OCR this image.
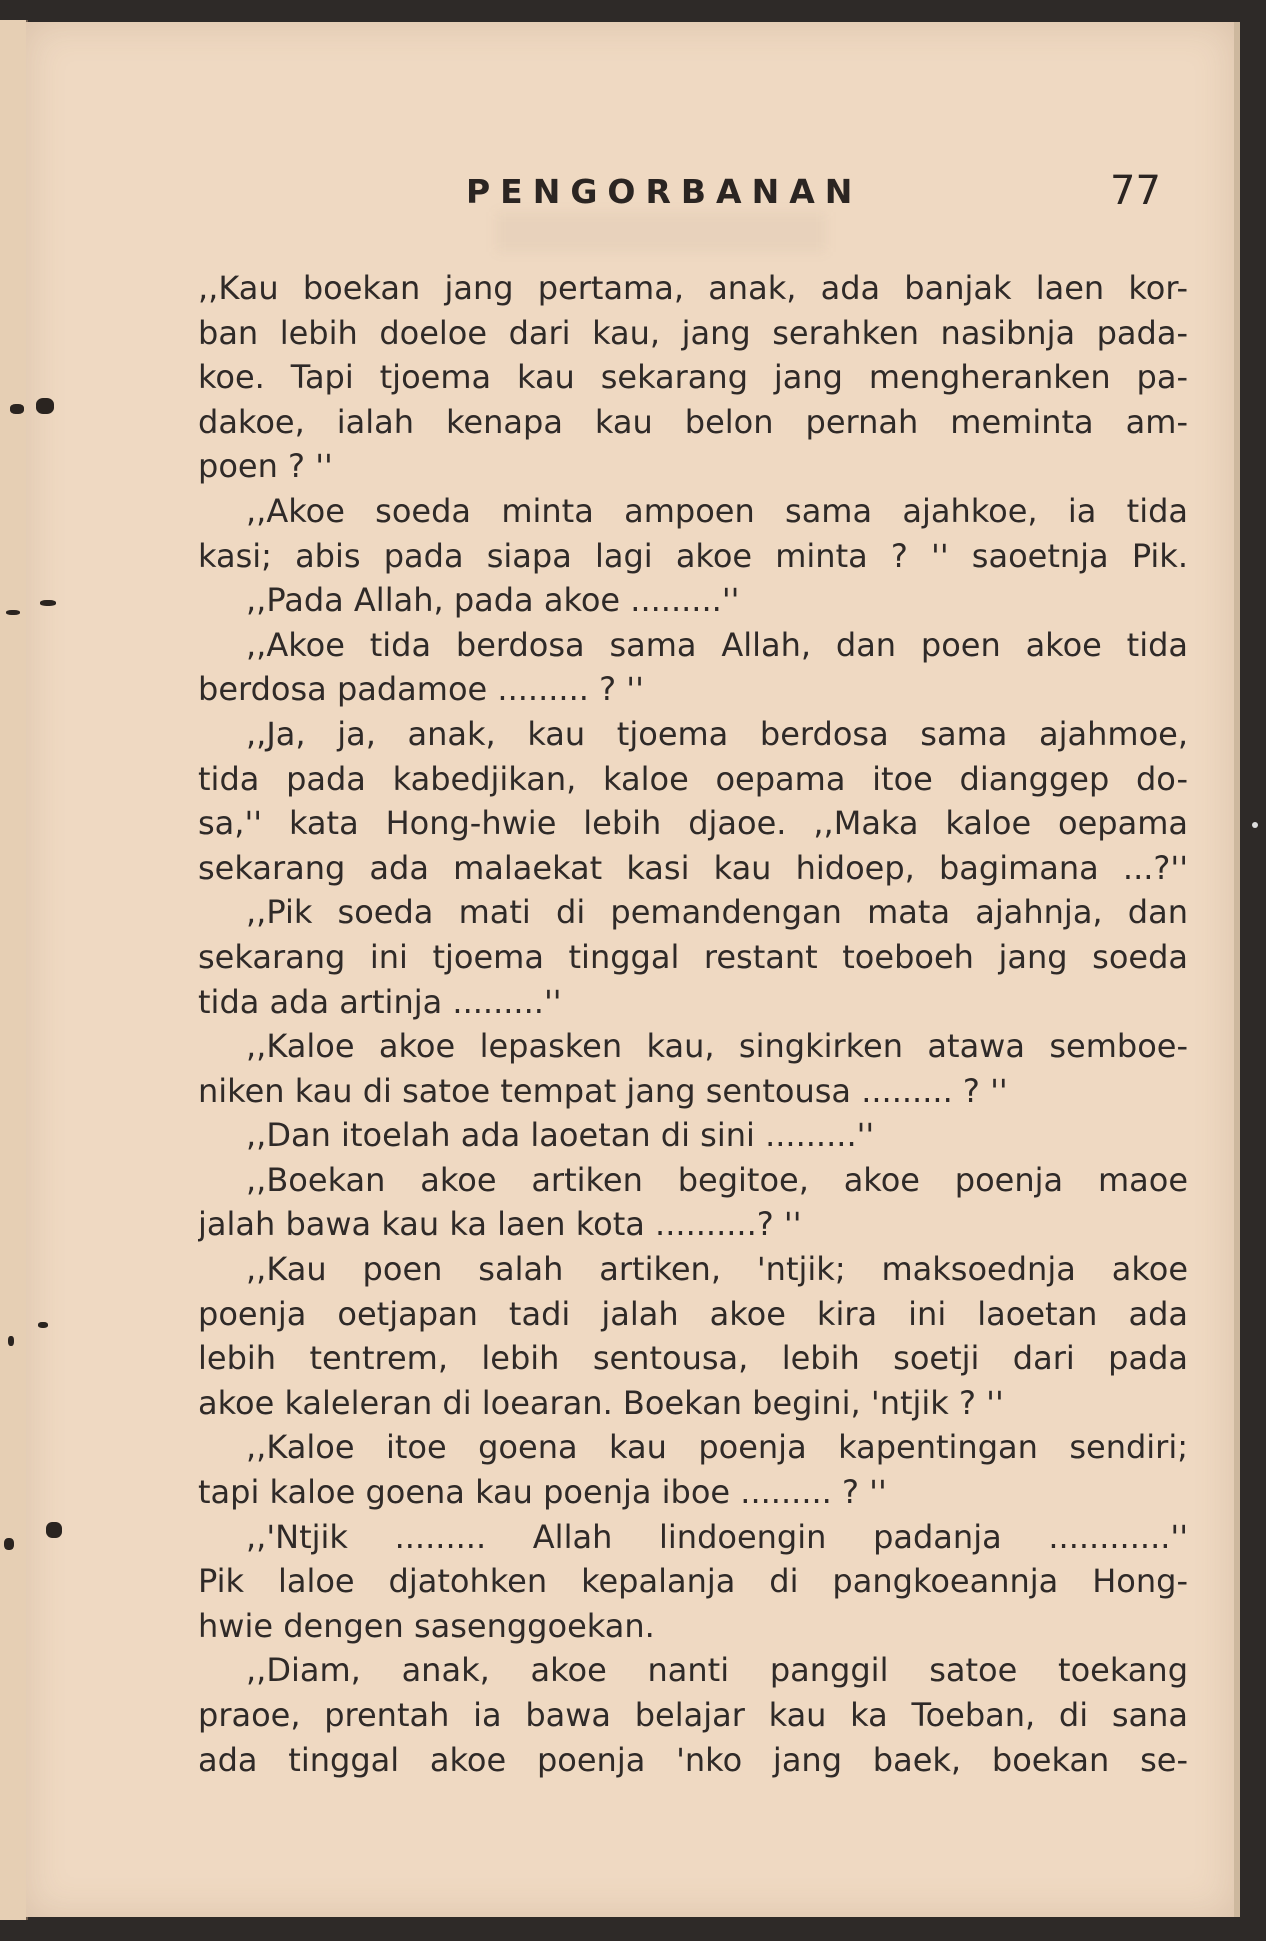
PENGORBANAN	77
,,Kau boekan jang pertama, anak, ada banjak laen kor-
ban lebih doeloe dari kau, jang serahken nasibnja pada-
koe. Tapi tjoema kau sekarang jang mengheranken pa-
dakoe, ialah kenapa kau belon pernah meminta am-
poen ? ''
,,Akoe soeda minta ampoen sama ajahkoe, ia tida
kasi; abis pada siapa lagi akoe minta ? '' saoetnja Pik.
,,Pada Allah, pada akoe .........''
,,Akoe tida berdosa sama Allah, dan poen akoe tida
berdosa padamoe ......... ? ''
,,Ja, ja, anak, kau tjoema berdosa sama ajahmoe,
tida pada kabedjikan, kaloe oepama itoe dianggep do-
sa,'' kata Hong-hwie lebih djaoe. ,,Maka kaloe oepama
sekarang ada malaekat kasi kau hidoep, bagimana ...?''
,,Pik soeda mati di pemandengan mata ajahnja, dan
sekarang ini tjoema tinggal restant toeboeh jang soeda
tida ada artinja .........''
,,Kaloe akoe lepasken kau, singkirken atawa semboe-
niken kau di satoe tempat jang sentousa ......... ? ''
,,Dan itoelah ada laoetan di sini .........''
,,Boekan akoe artiken begitoe, akoe poenja maoe
jalah bawa kau ka laen kota ..........? ''
,,Kau poen salah artiken, 'ntjik; maksoednja akoe
poenja oetjapan tadi jalah akoe kira ini laoetan ada
lebih tentrem, lebih sentousa, lebih soetji dari pada
akoe kaleleran di loearan. Boekan begini, 'ntjik ? ''
,,Kaloe itoe goena kau poenja kapentingan sendiri;
tapi kaloe goena kau poenja iboe ......... ? ''
,,'Ntjik ......... Allah lindoengin padanja ............''
Pik laloe djatohken kepalanja di pangkoeannja Hong-
hwie dengen sasenggoekan.
,,Diam, anak, akoe nanti panggil satoe toekang
praoe, prentah ia bawa belajar kau ka Toeban, di sana
ada tinggal akoe poenja 'nko jang baek, boekan se-
